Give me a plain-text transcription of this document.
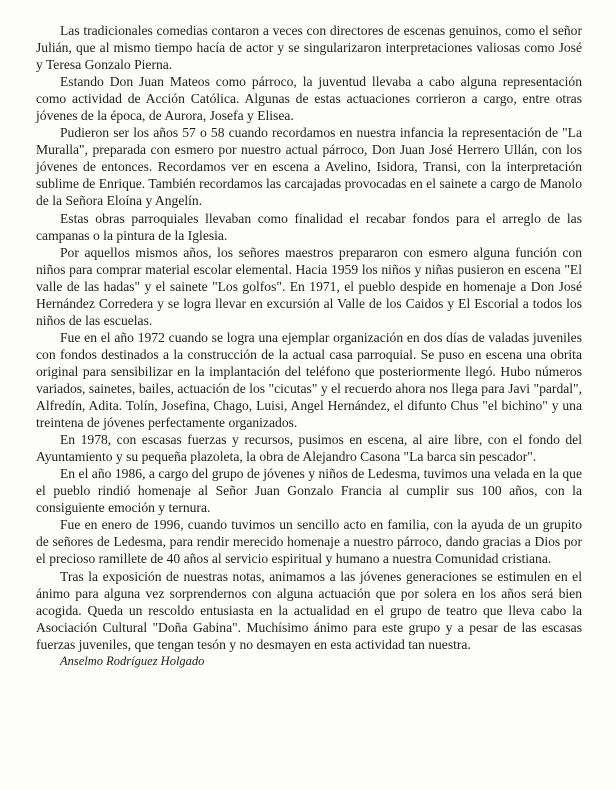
Las tradicionales comedias contaron a veces con directores de escenas genuinos, como el señor Julián, que al mismo tiempo hacía de actor y se singularizaron interpretaciones valiosas como José y Teresa Gonzalo Pierna.

Estando Don Juan Mateos como párroco, la juventud llevaba a cabo alguna representación como actividad de Acción Católica. Algunas de estas actuaciones corrieron a cargo, entre otras jóvenes de la época, de Aurora, Josefa y Elisea.

Pudieron ser los años 57 o 58 cuando recordamos en nuestra infancia la representación de "La Muralla", preparada con esmero por nuestro actual párroco, Don Juan José Herrero Ullán, con los jóvenes de entonces. Recordamos ver en escena a Avelino, Isidora, Transi, con la interpretación sublime de Enrique. También recordamos las carcajadas provocadas en el sainete a cargo de Manolo de la Señora Eloína y Angelín.

Estas obras parroquiales llevaban como finalidad el recabar fondos para el arreglo de las campanas o la pintura de la Iglesia.

Por aquellos mismos años, los señores maestros prepararon con esmero alguna función con niños para comprar material escolar elemental. Hacia 1959 los niños y niñas pusieron en escena "El valle de las hadas" y el sainete "Los golfos". En 1971, el pueblo despide en homenaje a Don José Hernández Corredera y se logra llevar en excursión al Valle de los Caidos y El Escorial a todos los niños de las escuelas.

Fue en el año 1972 cuando se logra una ejemplar organización en dos días de valadas juveniles con fondos destinados a la construcción de la actual casa parroquial. Se puso en escena una obrita original para sensibilizar en la implantación del teléfono que posteriormente llegó. Hubo números variados, sainetes, bailes, actuación de los "cicutas" y el recuerdo ahora nos llega para Javi "pardal", Alfredín, Adita. Tolín, Josefina, Chago, Luisi, Angel Hernández, el difunto Chus "el bichino" y una treintena de jóvenes perfectamente organizados.

En 1978, con escasas fuerzas y recursos, pusimos en escena, al aire libre, con el fondo del Ayuntamiento y su pequeña plazoleta, la obra de Alejandro Casona "La barca sin pescador".

En el año 1986, a cargo del grupo de jóvenes y niños de Ledesma, tuvimos una velada en la que el pueblo rindió homenaje al Señor Juan Gonzalo Francia al cumplir sus 100 años, con la consiguiente emoción y ternura.

Fue en enero de 1996, cuando tuvimos un sencillo acto en familia, con la ayuda de un grupito de señores de Ledesma, para rendir merecido homenaje a nuestro párroco, dando gracias a Dios por el precioso ramillete de 40 años al servicio espiritual y humano a nuestra Comunidad cristiana.

Tras la exposición de nuestras notas, animamos a las jóvenes generaciones se estimulen en el ánimo para alguna vez sorprendernos con alguna actuación que por solera en los años será bien acogida. Queda un rescoldo entusiasta en la actualidad en el grupo de teatro que lleva cabo la Asociación Cultural "Doña Gabina". Muchísimo ánimo para este grupo y a pesar de las escasas fuerzas juveniles, que tengan tesón y no desmayen en esta actividad tan nuestra.

Anselmo Rodríguez Holgado
